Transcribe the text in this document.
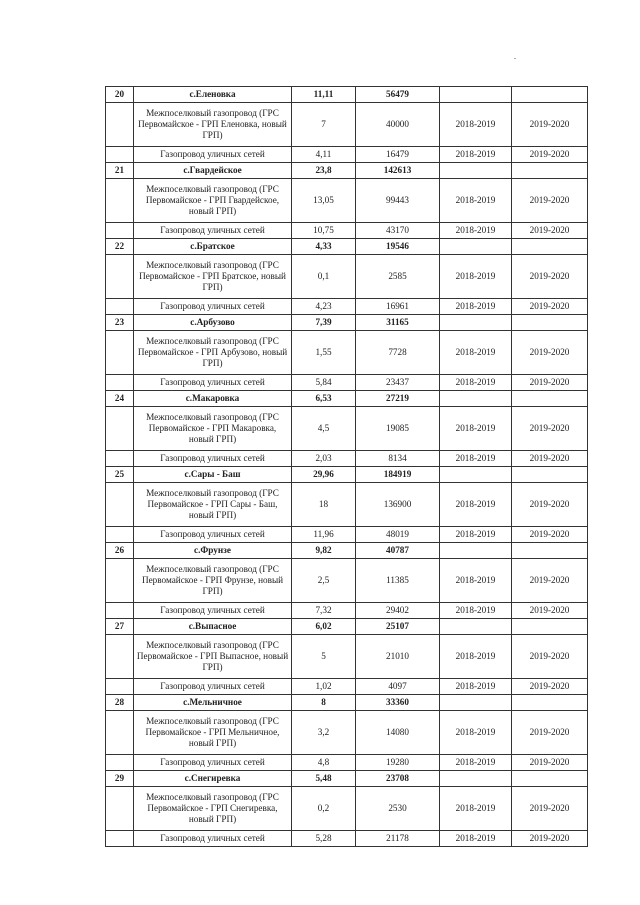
20	с.Еленовка	11,11	56479		
	Межпоселковый газопровод (ГРС Первомайское - ГРП Еленовка, новый ГРП)	7	40000	2018-2019	2019-2020
	Газопровод уличных сетей	4,11	16479	2018-2019	2019-2020
21	с.Гвардейское	23,8	142613		
	Межпоселковый газопровод (ГРС Первомайское - ГРП Гвардейское, новый ГРП)	13,05	99443	2018-2019	2019-2020
	Газопровод уличных сетей	10,75	43170	2018-2019	2019-2020
22	с.Братское	4,33	19546		
	Межпоселковый газопровод (ГРС Первомайское - ГРП Братское, новый ГРП)	0,1	2585	2018-2019	2019-2020
	Газопровод уличных сетей	4,23	16961	2018-2019	2019-2020
23	с.Арбузово	7,39	31165		
	Межпоселковый газопровод (ГРС Первомайское - ГРП Арбузово, новый ГРП)	1,55	7728	2018-2019	2019-2020
	Газопровод уличных сетей	5,84	23437	2018-2019	2019-2020
24	с.Макаровка	6,53	27219		
	Межпоселковый газопровод (ГРС Первомайское - ГРП Макаровка, новый ГРП)	4,5	19085	2018-2019	2019-2020
	Газопровод уличных сетей	2,03	8134	2018-2019	2019-2020
25	с.Сары - Баш	29,96	184919		
	Межпоселковый газопровод (ГРС Первомайское - ГРП Сары - Баш, новый ГРП)	18	136900	2018-2019	2019-2020
	Газопровод уличных сетей	11,96	48019	2018-2019	2019-2020
26	с.Фрунзе	9,82	40787		
	Межпоселковый газопровод (ГРС Первомайское - ГРП Фрунзе, новый ГРП)	2,5	11385	2018-2019	2019-2020
	Газопровод уличных сетей	7,32	29402	2018-2019	2019-2020
27	с.Выпасное	6,02	25107		
	Межпоселковый газопровод (ГРС Первомайское - ГРП Выпасное, новый ГРП)	5	21010	2018-2019	2019-2020
	Газопровод уличных сетей	1,02	4097	2018-2019	2019-2020
28	с.Мельничное	8	33360		
	Межпоселковый газопровод (ГРС Первомайское - ГРП Мельничное, новый ГРП)	3,2	14080	2018-2019	2019-2020
	Газопровод уличных сетей	4,8	19280	2018-2019	2019-2020
29	с.Снегиревка	5,48	23708		
	Межпоселковый газопровод (ГРС Первомайское - ГРП Снегиревка, новый ГРП)	0,2	2530	2018-2019	2019-2020
	Газопровод уличных сетей	5,28	21178	2018-2019	2019-2020
